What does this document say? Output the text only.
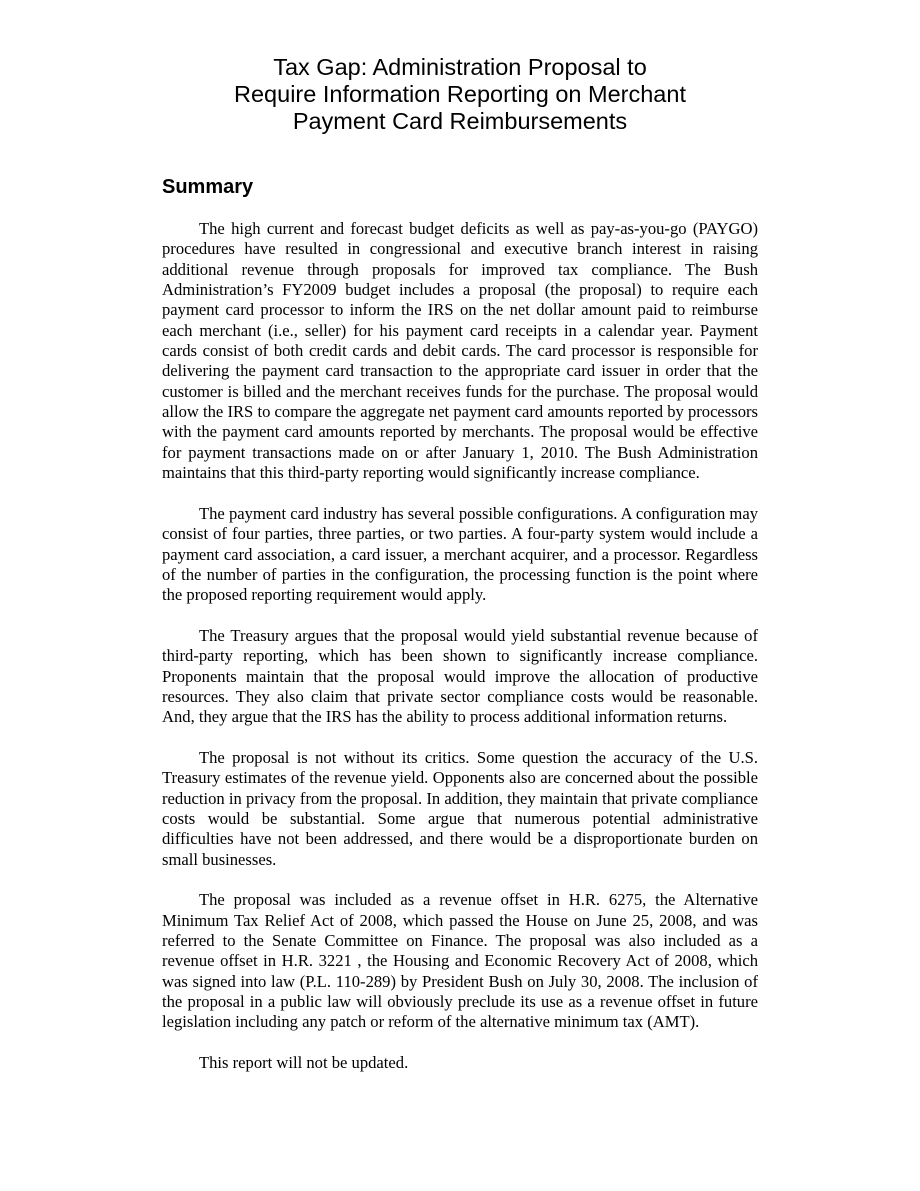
Tax Gap: Administration Proposal to
Require Information Reporting on Merchant
Payment Card Reimbursements
Summary

The high current and forecast budget deficits as well as pay-as-you-go (PAYGO) procedures have resulted in congressional and executive branch interest in raising additional revenue through proposals for improved tax compliance. The Bush Administration’s FY2009 budget includes a proposal (the proposal) to require each payment card processor to inform the IRS on the net dollar amount paid to reimburse each merchant (i.e., seller) for his payment card receipts in a calendar year. Payment cards consist of both credit cards and debit cards. The card processor is responsible for delivering the payment card transaction to the appropriate card issuer in order that the customer is billed and the merchant receives funds for the purchase. The proposal would allow the IRS to compare the aggregate net payment card amounts reported by processors with the payment card amounts reported by merchants. The proposal would be effective for payment transactions made on or after January 1, 2010. The Bush Administration maintains that this third-party reporting would significantly increase compliance.

The payment card industry has several possible configurations. A configuration may consist of four parties, three parties, or two parties. A four-party system would include a payment card association, a card issuer, a merchant acquirer, and a processor. Regardless of the number of parties in the configuration, the processing function is the point where the proposed reporting requirement would apply.

The Treasury argues that the proposal would yield substantial revenue because of third-party reporting, which has been shown to significantly increase compliance. Proponents maintain that the proposal would improve the allocation of productive resources. They also claim that private sector compliance costs would be reasonable. And, they argue that the IRS has the ability to process additional information returns.

The proposal is not without its critics. Some question the accuracy of the U.S. Treasury estimates of the revenue yield. Opponents also are concerned about the possible reduction in privacy from the proposal. In addition, they maintain that private compliance costs would be substantial. Some argue that numerous potential administrative difficulties have not been addressed, and there would be a disproportionate burden on small businesses.

The proposal was included as a revenue offset in H.R. 6275, the Alternative Minimum Tax Relief Act of 2008, which passed the House on June 25, 2008, and was referred to the Senate Committee on Finance. The proposal was also included as a revenue offset in H.R. 3221 , the Housing and Economic Recovery Act of 2008, which was signed into law (P.L. 110-289) by President Bush on July 30, 2008. The inclusion of the proposal in a public law will obviously preclude its use as a revenue offset in future legislation including any patch or reform of the alternative minimum tax (AMT).

This report will not be updated.
